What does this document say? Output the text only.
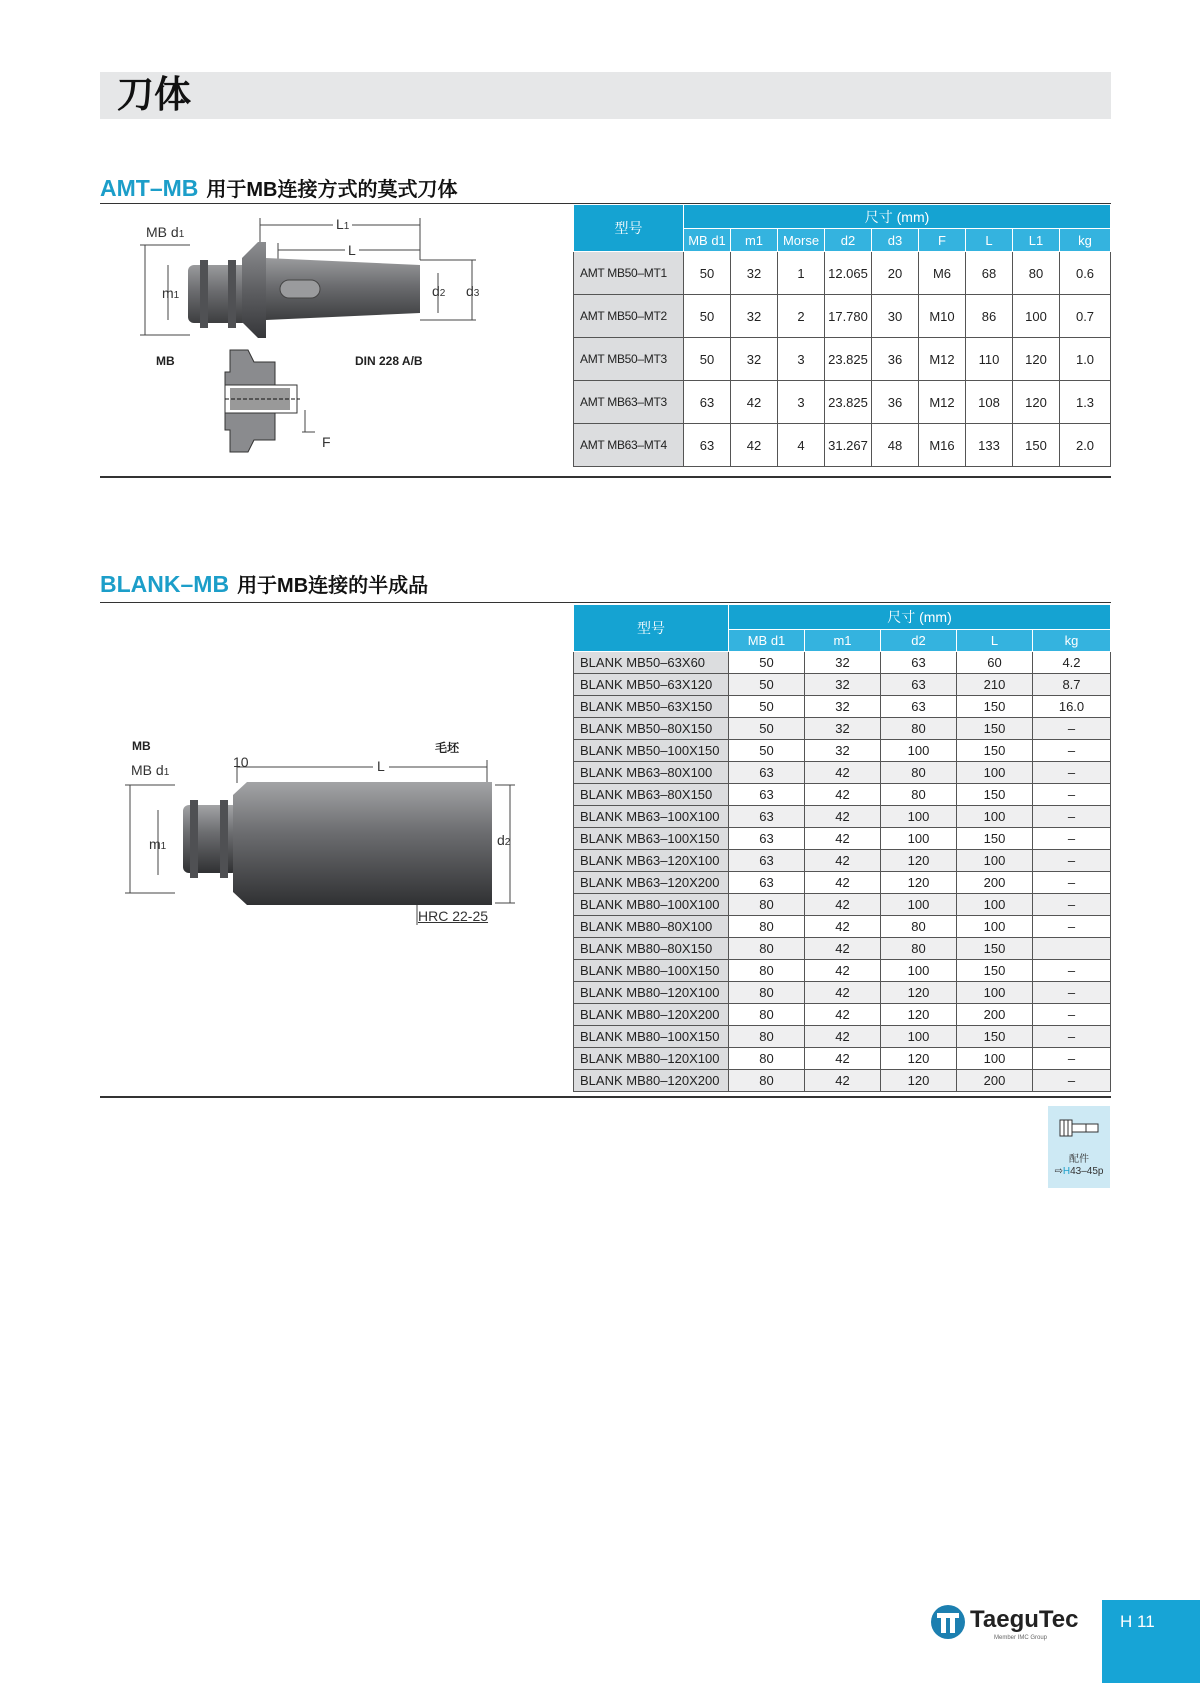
刀体
AMT–MB 用于MB连接方式的莫式刀体
MB d1
m1
L1
L
d2 d3
MB	DIN 228 A/B
F
型号	尺寸 (mm)								
	MB d1	m1	Morse	d2	d3	F	L	L1	kg
AMT MB50–MT1	50	32	1	12.065	20	M6	68	80	0.6
AMT MB50–MT2	50	32	2	17.780	30	M10	86	100	0.7
AMT MB50–MT3	50	32	3	23.825	36	M12	110	120	1.0
AMT MB63–MT3	63	42	3	23.825	36	M12	108	120	1.3
AMT MB63–MT4	63	42	4	31.267	48	M16	133	150	2.0
BLANK–MB 用于MB连接的半成品
MB	毛坯
MB d1
10	L
m1	d2
HRC 22-25
型号	尺寸 (mm)				
	MB d1	m1	d2	L	kg
BLANK MB50–63X60	50	32	63	60	4.2
BLANK MB50–63X120	50	32	63	210	8.7
BLANK MB50–63X150	50	32	63	150	16.0
BLANK MB50–80X150	50	32	80	150	–
BLANK MB50–100X150	50	32	100	150	–
BLANK MB63–80X100	63	42	80	100	–
BLANK MB63–80X150	63	42	80	150	–
BLANK MB63–100X100	63	42	100	100	–
BLANK MB63–100X150	63	42	100	150	–
BLANK MB63–120X100	63	42	120	100	–
BLANK MB63–120X200	63	42	120	200	–
BLANK MB80–100X100	80	42	100	100	–
BLANK MB80–80X100	80	42	80	100	–
BLANK MB80–80X150	80	42	80	150	
BLANK MB80–100X150	80	42	100	150	–
BLANK MB80–120X100	80	42	120	100	–
BLANK MB80–120X200	80	42	120	200	–
BLANK MB80–100X150	80	42	100	150	–
BLANK MB80–120X100	80	42	120	100	–
BLANK MB80–120X200	80	42	120	200	–
配件
⇨H43–45p
TaeguTec
Member IMC Group
H 11
